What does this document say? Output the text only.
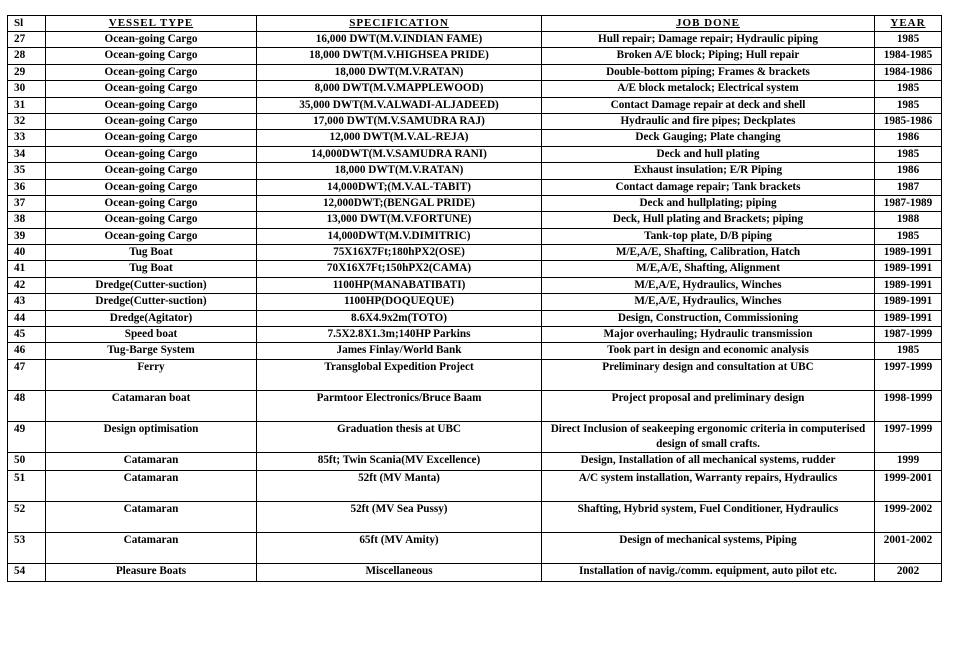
Sl	VESSEL TYPE	SPECIFICATION	JOB DONE	YEAR
27	Ocean-going Cargo	16,000 DWT(M.V.INDIAN FAME)	Hull repair; Damage repair; Hydraulic piping	1985
28	Ocean-going Cargo	18,000 DWT(M.V.HIGHSEA PRIDE)	Broken A/E block; Piping; Hull repair	1984-1985
29	Ocean-going Cargo	18,000 DWT(M.V.RATAN)	Double-bottom piping; Frames & brackets	1984-1986
30	Ocean-going Cargo	8,000 DWT(M.V.MAPPLEWOOD)	A/E block metalock; Electrical system	1985
31	Ocean-going Cargo	35,000 DWT(M.V.ALWADI-ALJADEED)	Contact Damage repair at deck and shell	1985
32	Ocean-going Cargo	17,000 DWT(M.V.SAMUDRA RAJ)	Hydraulic and fire pipes; Deckplates	1985-1986
33	Ocean-going Cargo	12,000 DWT(M.V.AL-REJA)	Deck Gauging; Plate changing	1986
34	Ocean-going Cargo	14,000DWT(M.V.SAMUDRA RANI)	Deck and hull plating	1985
35	Ocean-going Cargo	18,000 DWT(M.V.RATAN)	Exhaust insulation; E/R Piping	1986
36	Ocean-going Cargo	14,000DWT;(M.V.AL-TABIT)	Contact damage repair; Tank brackets	1987
37	Ocean-going Cargo	12,000DWT;(BENGAL PRIDE)	Deck and hullplating; piping	1987-1989
38	Ocean-going Cargo	13,000 DWT(M.V.FORTUNE)	Deck, Hull plating and Brackets; piping	1988
39	Ocean-going Cargo	14,000DWT(M.V.DIMITRIC)	Tank-top plate, D/B piping	1985
40	Tug Boat	75X16X7Ft;180hPX2(OSE)	M/E,A/E, Shafting, Calibration, Hatch	1989-1991
41	Tug Boat	70X16X7Ft;150hPX2(CAMA)	M/E,A/E, Shafting, Alignment	1989-1991
42	Dredge(Cutter-suction)	1100HP(MANABATIBATI)	M/E,A/E, Hydraulics, Winches	1989-1991
43	Dredge(Cutter-suction)	1100HP(DOQUEQUE)	M/E,A/E, Hydraulics, Winches	1989-1991
44	Dredge(Agitator)	8.6X4.9x2m(TOTO)	Design, Construction, Commissioning	1989-1991
45	Speed boat	7.5X2.8X1.3m;140HP Parkins	Major overhauling; Hydraulic transmission	1987-1999
46	Tug-Barge System	James Finlay/World Bank	Took part in design and economic analysis	1985
47	Ferry	Transglobal Expedition Project	Preliminary design and consultation at UBC	1997-1999
48	Catamaran boat	Parmtoor Electronics/Bruce Baam	Project proposal and preliminary design	1998-1999
49	Design optimisation	Graduation thesis at UBC	Direct Inclusion of seakeeping ergonomic criteria in computerised design of small crafts.	1997-1999
50	Catamaran	85ft; Twin Scania(MV Excellence)	Design, Installation of all mechanical systems, rudder	1999
51	Catamaran	52ft (MV Manta)	A/C system installation, Warranty repairs, Hydraulics	1999-2001
52	Catamaran	52ft (MV Sea Pussy)	Shafting, Hybrid system, Fuel Conditioner, Hydraulics	1999-2002
53	Catamaran	65ft (MV Amity)	Design of mechanical systems, Piping	2001-2002
54	Pleasure Boats	Miscellaneous	Installation of navig./comm. equipment, auto pilot etc.	2002
